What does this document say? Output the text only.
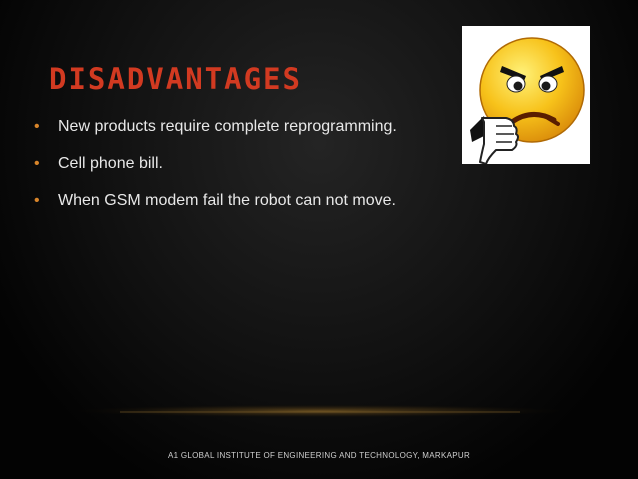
DISADVANTAGES
•	New products require complete reprogramming.
•	Cell phone bill.
•	When GSM modem fail the robot can not move.
A1 GLOBAL INSTITUTE OF ENGINEERING AND TECHNOLOGY, MARKAPUR
